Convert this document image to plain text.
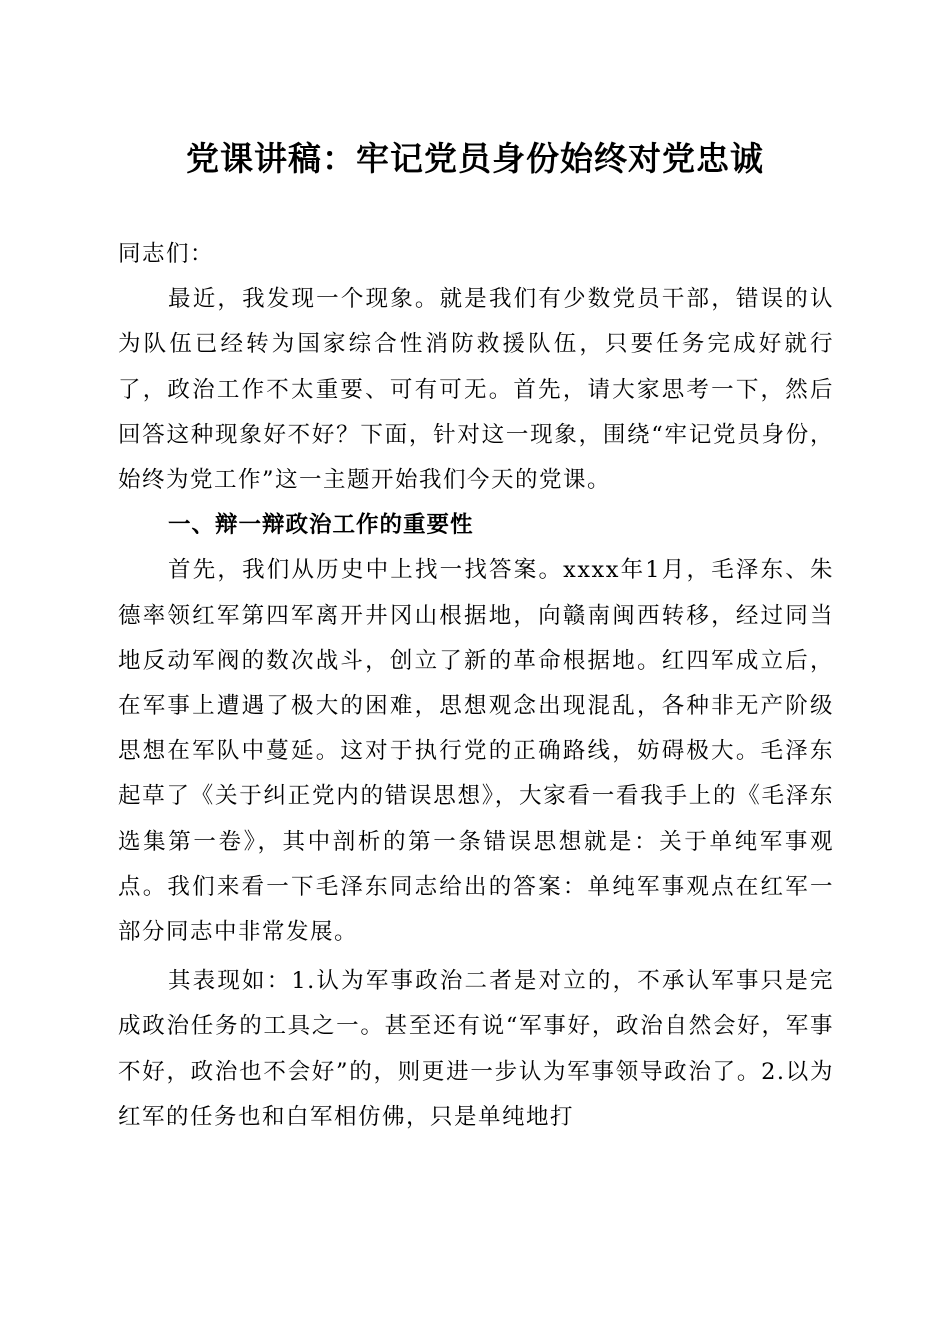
党课讲稿：牢记党员身份始终对党忠诚

同志们：

最近，我发现一个现象。就是我们有少数党员干部，错误的认为队伍已经转为国家综合性消防救援队伍，只要任务完成好就行了，政治工作不太重要、可有可无。首先，请大家思考一下，然后回答这种现象好不好？下面，针对这一现象，围绕“牢记党员身份，始终为党工作”这一主题开始我们今天的党课。

一、辩一辩政治工作的重要性

首先，我们从历史中上找一找答案。xxxx年1月，毛泽东、朱德率领红军第四军离开井冈山根据地，向赣南闽西转移，经过同当地反动军阀的数次战斗，创立了新的革命根据地。红四军成立后，在军事上遭遇了极大的困难，思想观念出现混乱，各种非无产阶级思想在军队中蔓延。这对于执行党的正确路线，妨碍极大。毛泽东起草了《关于纠正党内的错误思想》，大家看一看我手上的《毛泽东选集第一卷》，其中剖析的第一条错误思想就是：关于单纯军事观点。我们来看一下毛泽东同志给出的答案：单纯军事观点在红军一部分同志中非常发展。

其表现如：1.认为军事政治二者是对立的，不承认军事只是完成政治任务的工具之一。甚至还有说“军事好，政治自然会好，军事不好，政治也不会好”的，则更进一步认为军事领导政治了。2.以为红军的任务也和白军相仿佛，只是单纯地打
